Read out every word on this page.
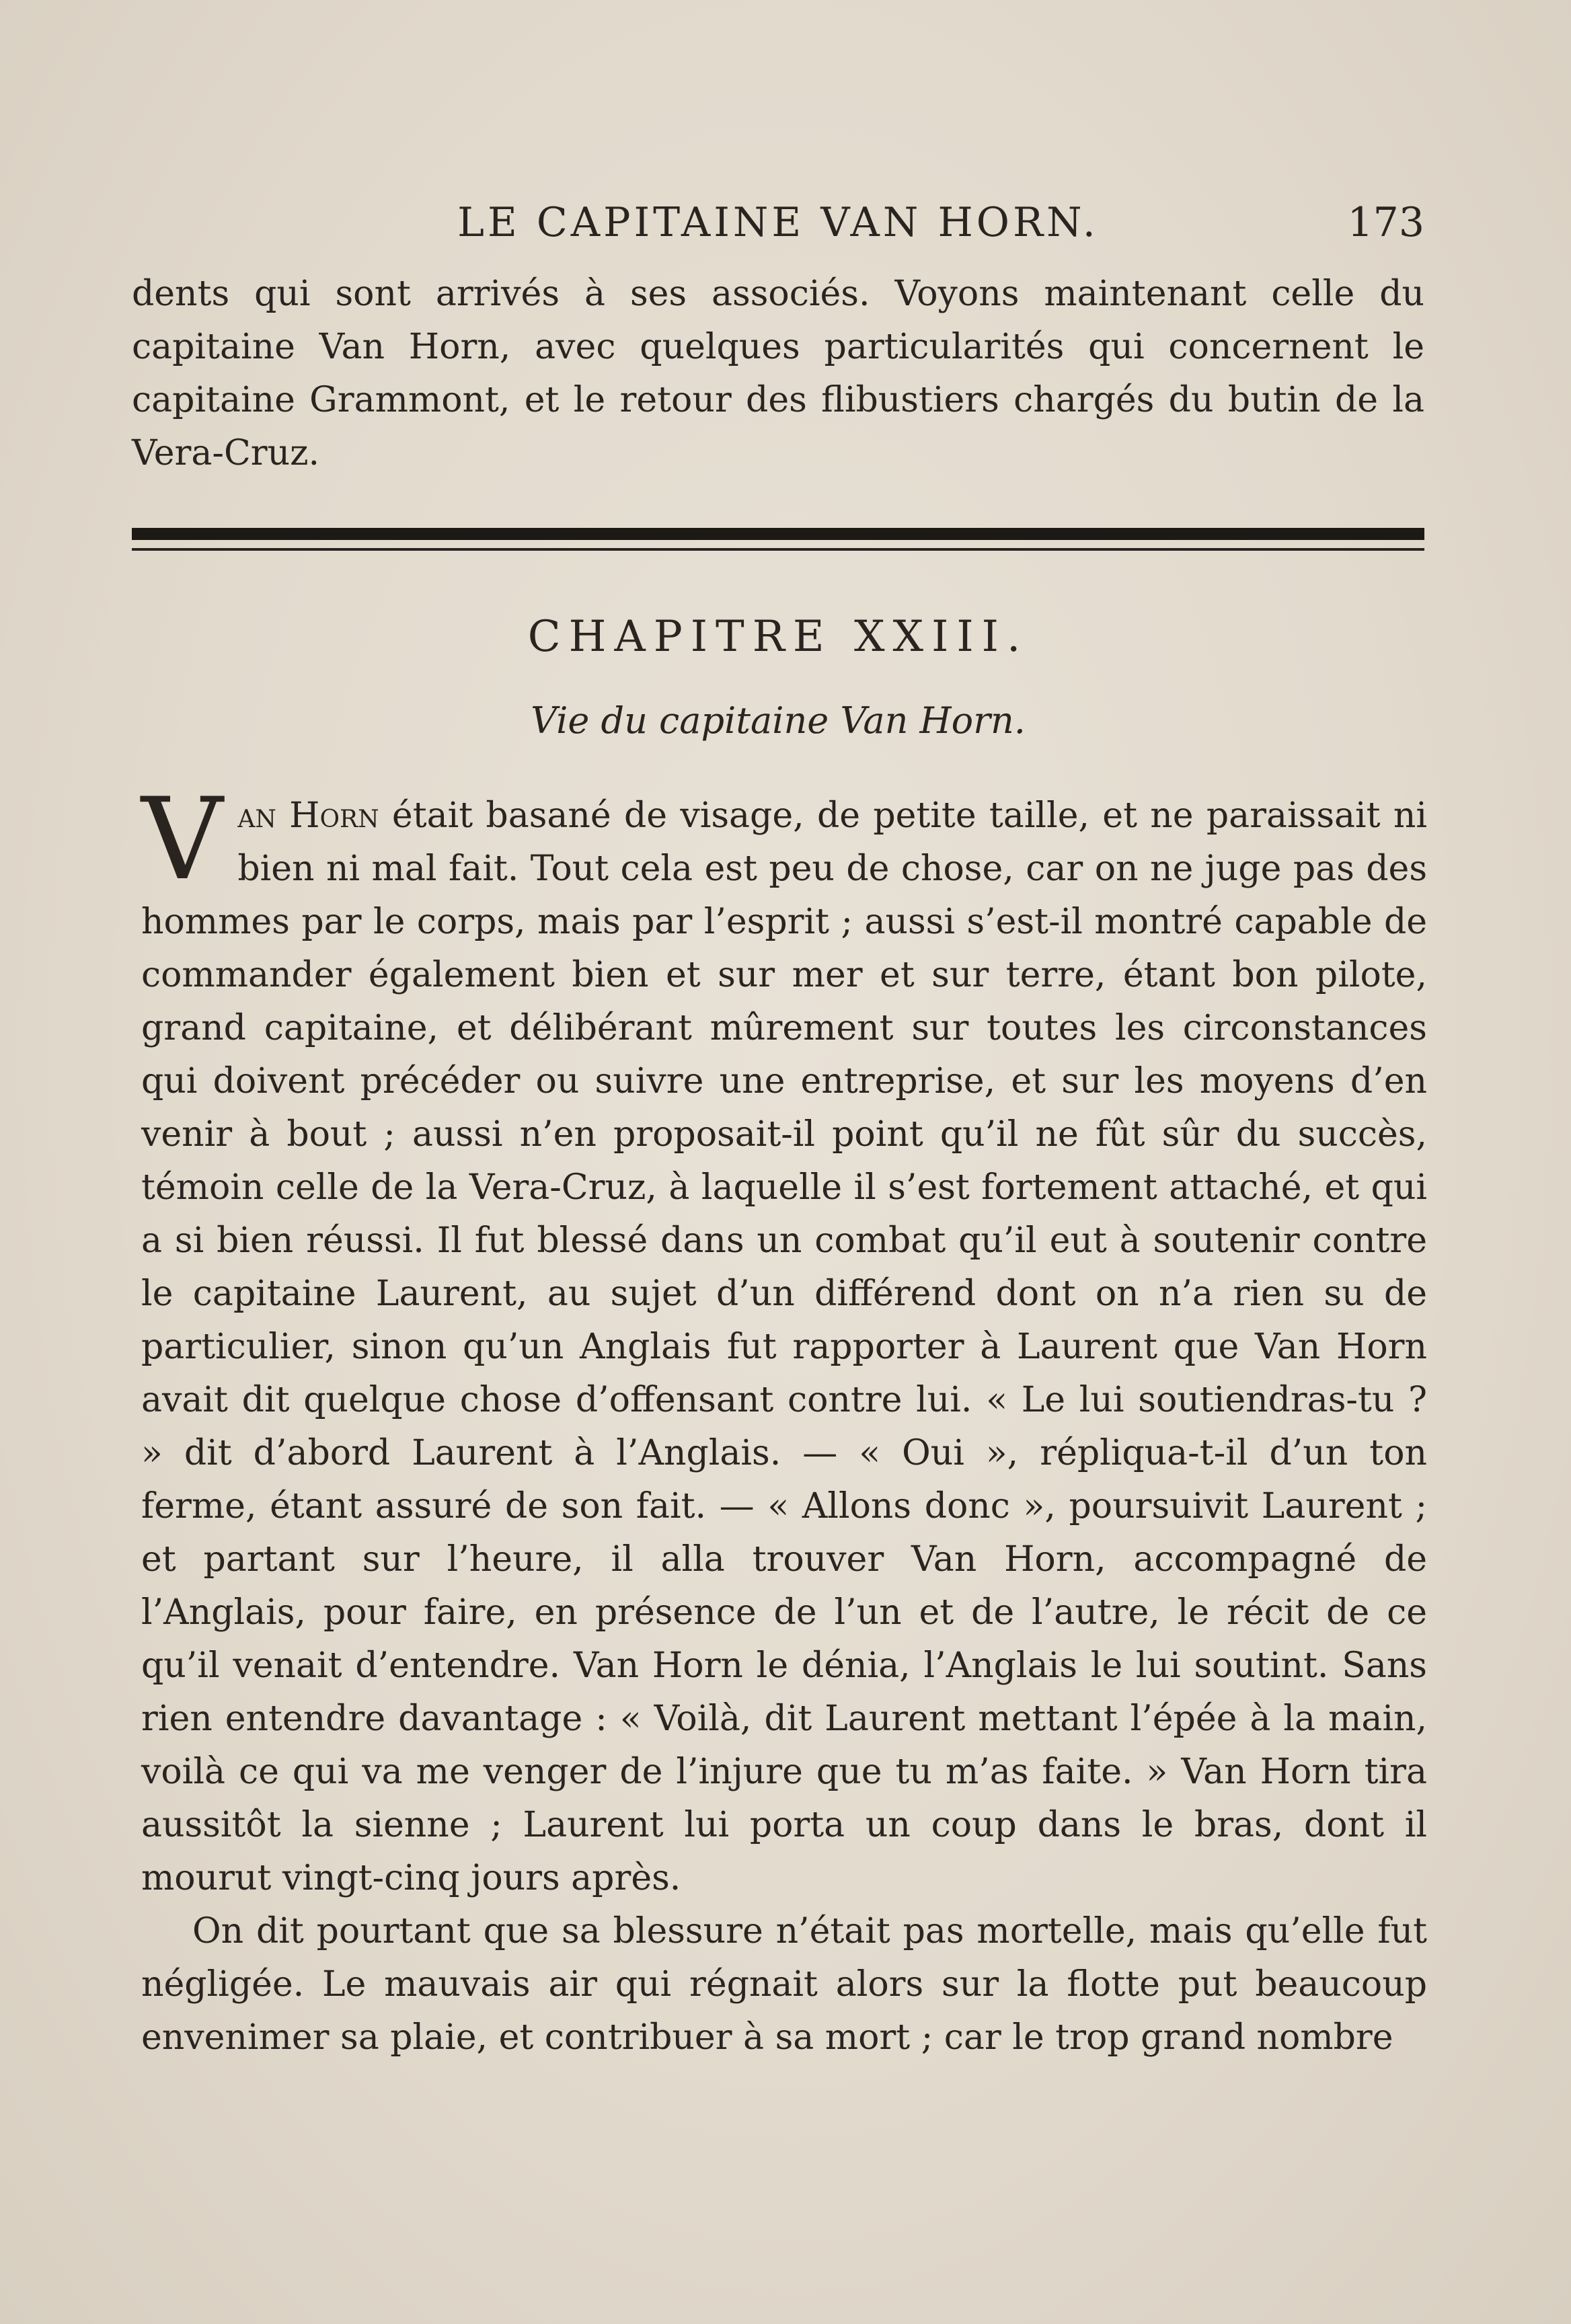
LE CAPITAINE VAN HORN.	173

dents qui sont arrivés à ses associés. Voyons maintenant celle du capitaine Van Horn, avec quelques particularités qui concernent le capitaine Grammont, et le retour des flibustiers chargés du butin de la Vera-Cruz.

CHAPITRE XXIII.
Vie du capitaine Van Horn.

Van Horn était basané de visage, de petite taille, et ne paraissait ni bien ni mal fait. Tout cela est peu de chose, car on ne juge pas des hommes par le corps, mais par l’esprit ; aussi s’est-il montré capable de commander également bien et sur mer et sur terre, étant bon pilote, grand capitaine, et délibérant mûrement sur toutes les circonstances qui doivent précéder ou suivre une entreprise, et sur les moyens d’en venir à bout ; aussi n’en proposait-il point qu’il ne fût sûr du succès, témoin celle de la Vera-Cruz, à laquelle il s’est fortement attaché, et qui a si bien réussi. Il fut blessé dans un combat qu’il eut à soutenir contre le capitaine Laurent, au sujet d’un différend dont on n’a rien su de particulier, sinon qu’un Anglais fut rapporter à Laurent que Van Horn avait dit quelque chose d’offensant contre lui. « Le lui soutiendras-tu ? » dit d’abord Laurent à l’Anglais. — « Oui », répliqua-t-il d’un ton ferme, étant assuré de son fait. — « Allons donc », poursuivit Laurent ; et partant sur l’heure, il alla trouver Van Horn, accompagné de l’Anglais, pour faire, en présence de l’un et de l’autre, le récit de ce qu’il venait d’entendre. Van Horn le dénia, l’Anglais le lui soutint. Sans rien entendre davantage : « Voilà, dit Laurent mettant l’épée à la main, voilà ce qui va me venger de l’injure que tu m’as faite. » Van Horn tira aussitôt la sienne ; Laurent lui porta un coup dans le bras, dont il mourut vingt-cinq jours après.

On dit pourtant que sa blessure n’était pas mortelle, mais qu’elle fut négligée. Le mauvais air qui régnait alors sur la flotte put beaucoup envenimer sa plaie, et contribuer à sa mort ; car le trop grand nombre
